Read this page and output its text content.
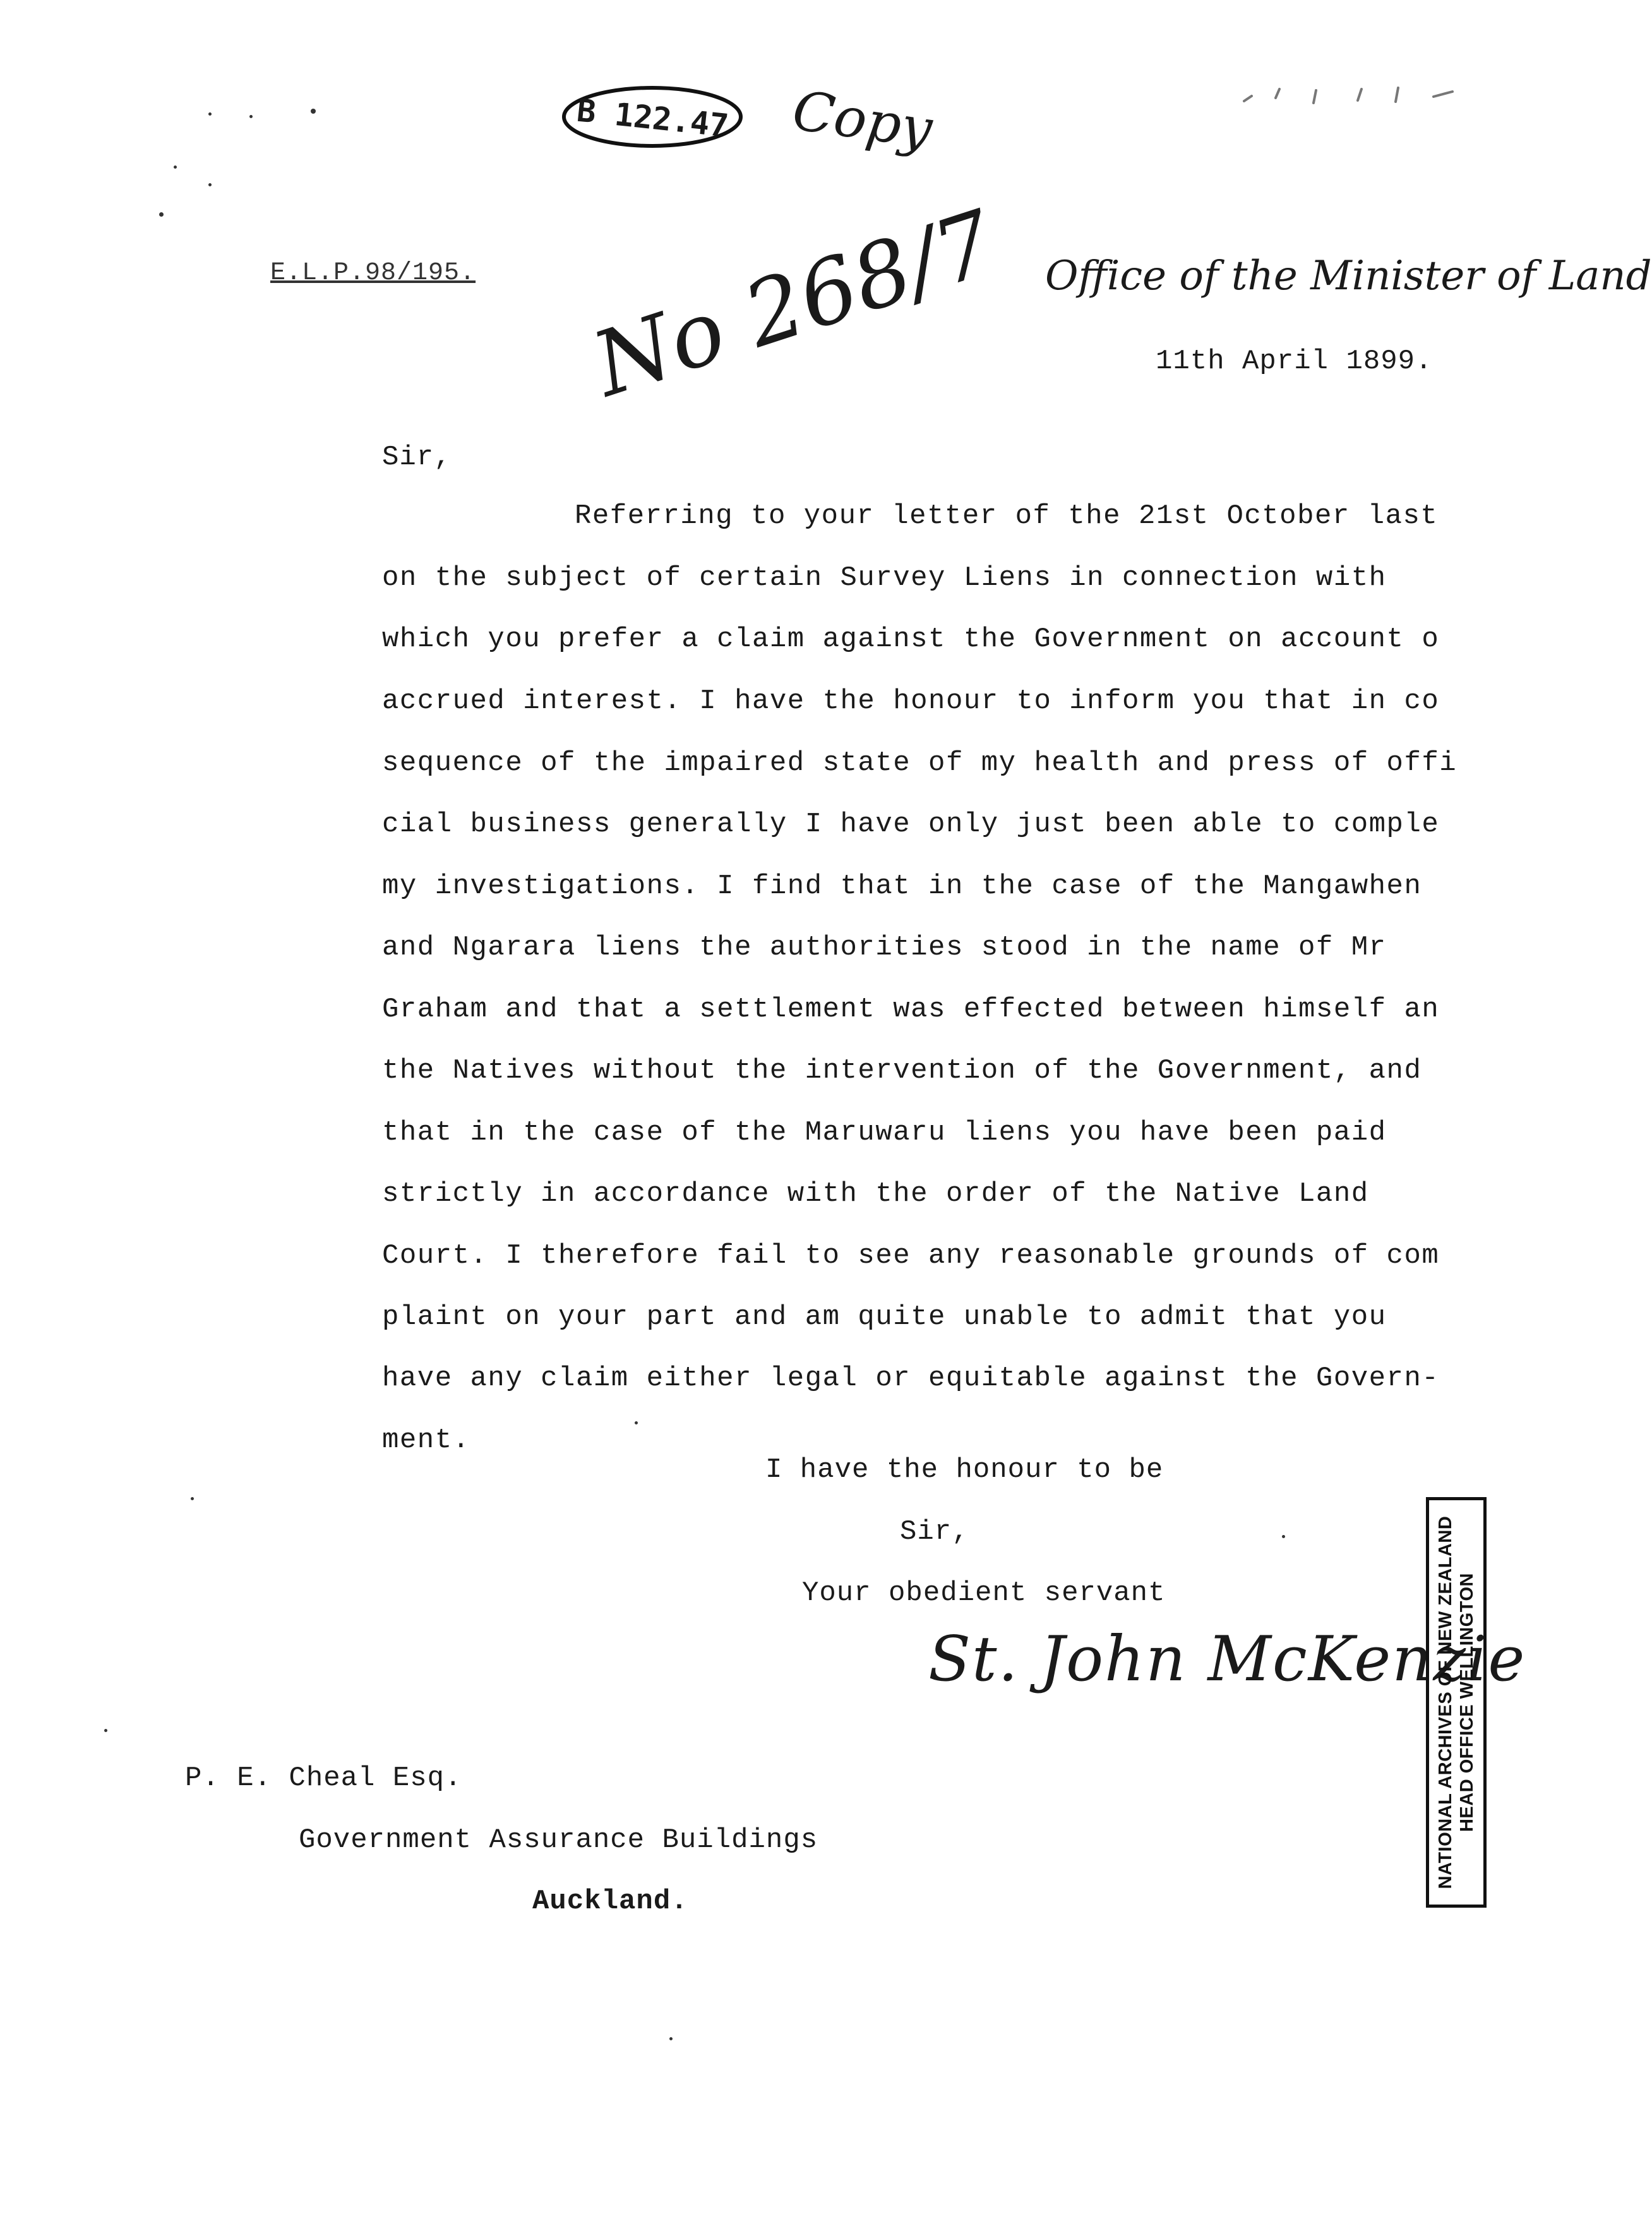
B 122.47 Copy
E.L.P.98/195. No 268/7 Office of the Minister of Land
11th April 1899.
Sir,
Referring to your letter of the 21st October last
on the subject of certain Survey Liens in connection with
which you prefer a claim against the Government on account o
accrued interest. I have the honour to inform you that in co
sequence of the impaired state of my health and press of offi
cial business generally I have only just been able to comple
my investigations. I find that in the case of the Mangawhen
and Ngarara liens the authorities stood in the name of Mr
Graham and that a settlement was effected between himself an
the Natives without the intervention of the Government, and
that in the case of the Maruwaru liens you have been paid
strictly in accordance with the order of the Native Land
Court. I therefore fail to see any reasonable grounds of com
plaint on your part and am quite unable to admit that you
have any claim either legal or equitable against the Govern-
ment.
I have the honour to be
Sir,
Your obedient servant
St. John McKenzie
P. E. Cheal Esq.
Government Assurance Buildings
Auckland.
NATIONAL ARCHIVES OF NEW ZEALAND HEAD OFFICE WELLINGTON
